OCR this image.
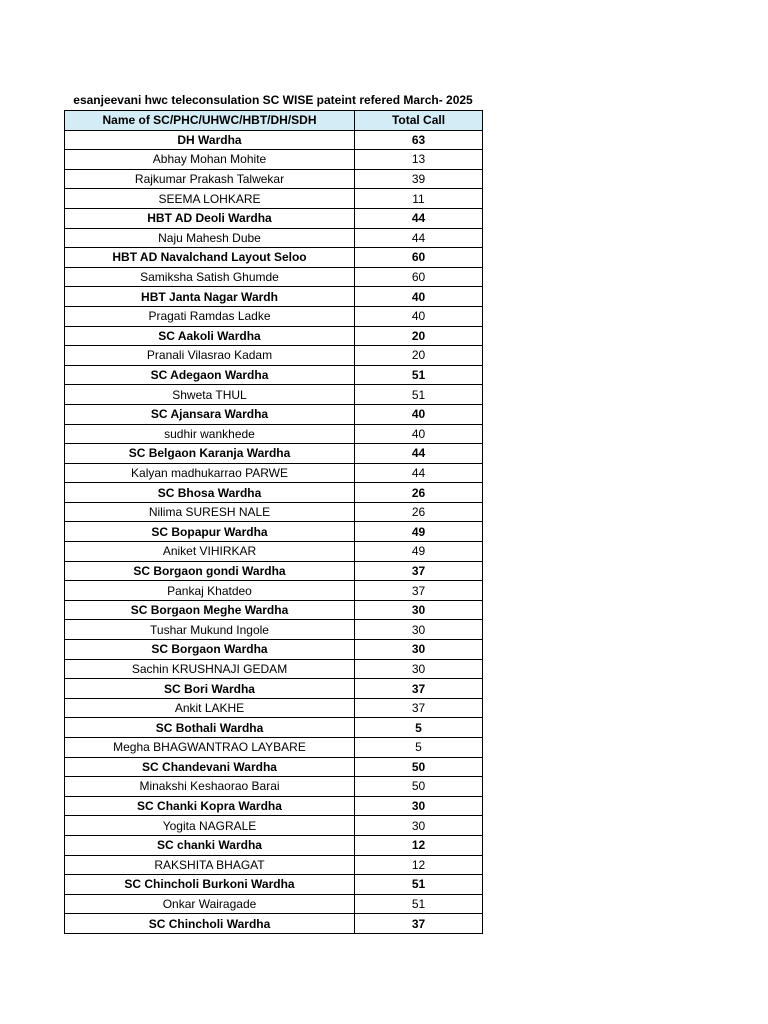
esanjeevani hwc teleconsulation SC WISE pateint refered March- 2025
Name of SC/PHC/UHWC/HBT/DH/SDH	Total Call
DH Wardha	63
Abhay Mohan Mohite	13
Rajkumar Prakash Talwekar	39
SEEMA LOHKARE	11
HBT AD Deoli Wardha	44
Naju Mahesh Dube	44
HBT AD Navalchand Layout Seloo	60
Samiksha Satish Ghumde	60
HBT Janta Nagar Wardh	40
Pragati Ramdas Ladke	40
SC Aakoli Wardha	20
Pranali Vilasrao Kadam	20
SC Adegaon Wardha	51
Shweta THUL	51
SC Ajansara Wardha	40
sudhir wankhede	40
SC Belgaon Karanja Wardha	44
Kalyan madhukarrao PARWE	44
SC Bhosa Wardha	26
Nilima SURESH NALE	26
SC Bopapur Wardha	49
Aniket VIHIRKAR	49
SC Borgaon gondi Wardha	37
Pankaj Khatdeo	37
SC Borgaon Meghe Wardha	30
Tushar Mukund Ingole	30
SC Borgaon Wardha	30
Sachin KRUSHNAJI GEDAM	30
SC Bori Wardha	37
Ankit LAKHE	37
SC Bothali Wardha	5
Megha BHAGWANTRAO LAYBARE	5
SC Chandevani Wardha	50
Minakshi Keshaorao Barai	50
SC Chanki Kopra Wardha	30
Yogita NAGRALE	30
SC chanki Wardha	12
RAKSHITA BHAGAT	12
SC Chincholi Burkoni Wardha	51
Onkar Wairagade	51
SC Chincholi Wardha	37
